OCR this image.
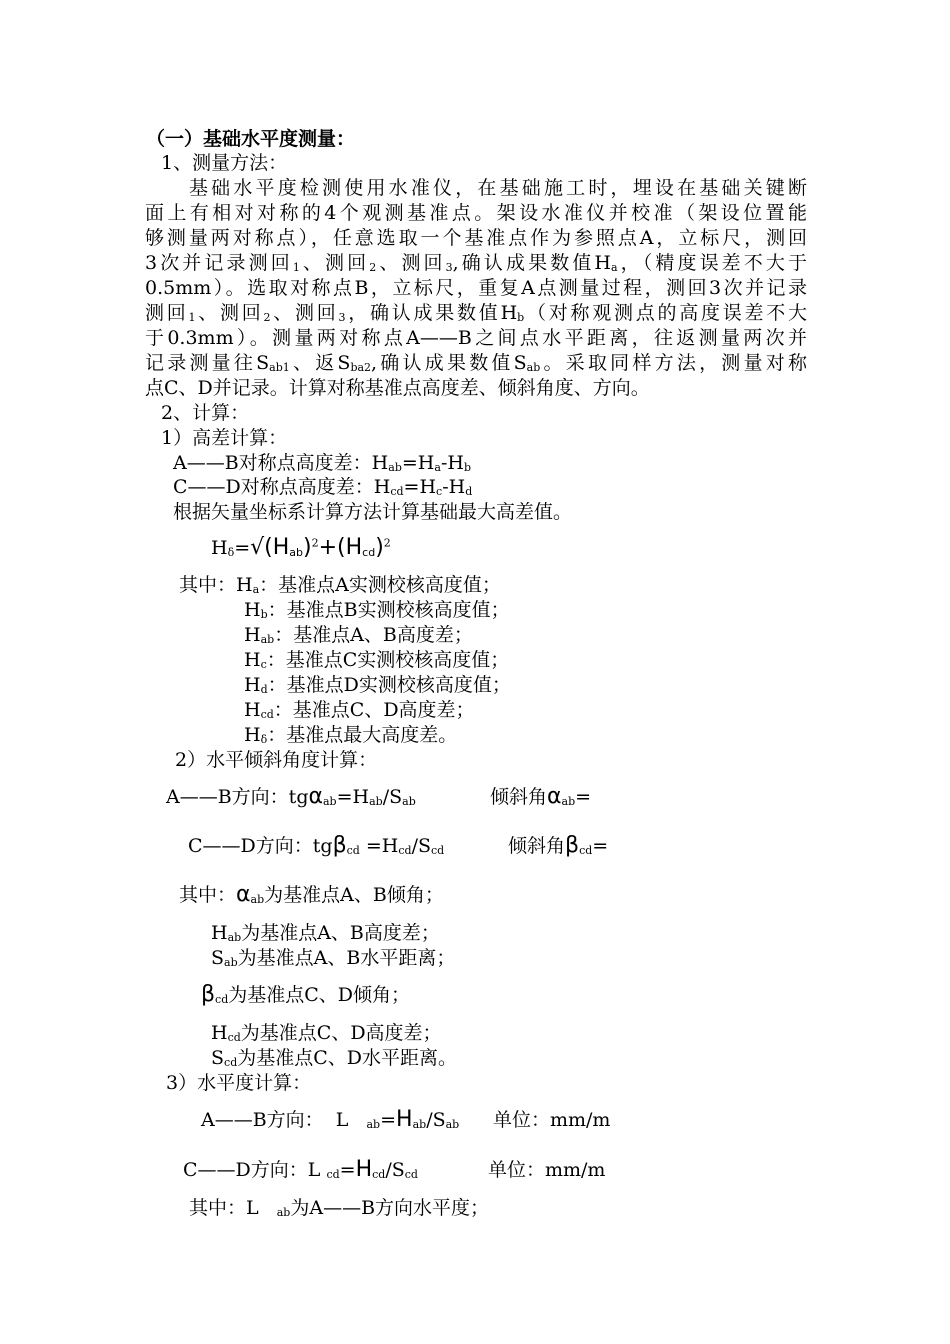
（一）基础水平度测量：
1、测量方法：
基础水平度检测使用水准仪，在基础施工时，埋设在基础关键断
面上有相对对称的4个观测基准点。架设水准仪并校准（架设位置能
够测量两对称点），任意选取一个基准点作为参照点A，立标尺，测回
3次并记录测回$_1$、测回$_2$、测回$_3$,确认成果数值$H_a$，（精度误差不大于
0.5mm）。选取对称点B，立标尺，重复A点测量过程，测回3次并记录
测回$_1$、测回$_2$、测回$_3$，确认成果数值$H_b$（对称观测点的高度误差不大
于0.3mm）。测量两对称点A——B之间点水平距离，往返测量两次并
记录测量往$S_{ab1}$、返$S_{ba2}$,确认成果数值$S_{ab}$。采取同样方法，测量对称
点C、D并记录。计算对称基准点高度差、倾斜角度、方向。
2、计算：
1）高差计算：
A——B对称点高度差：$H_{ab}=H_a-H_b$
C——D对称点高度差：$H_{cd}=H_c-H_d$
根据矢量坐标系计算方法计算基础最大高差值。
$H_\delta=√(H_{ab})^2+(H_{cd})^2$
其中：$H_a$：基准点A实测校核高度值；
$H_b$：基准点B实测校核高度值；
$H_{ab}$：基准点A、B高度差；
$H_c$：基准点C实测校核高度值；
$H_d$：基准点D实测校核高度值；
$H_{cd}$：基准点C、D高度差；
$H_\delta$：基准点最大高度差。
2）水平倾斜角度计算：
A——B方向：$tg\alpha_{ab}=H_{ab}/S_{ab}$	倾斜角$\alpha_{ab}=$
C——D方向：$tg\beta_{cd} =H_{cd}/S_{cd}$	倾斜角$\beta_{cd}=$
其中：$\alpha_{ab}$为基准点A、B倾角；
$H_{ab}$为基准点A、B高度差；
$S_{ab}$为基准点A、B水平距离；
$\beta_{cd}$为基准点C、D倾角；
$H_{cd}$为基准点C、D高度差；
$S_{cd}$为基准点C、D水平距离。
3）水平度计算：
A——B方向：  L   $_{ab}=H_{ab}/S_{ab}$ 单位：mm/m
C——D方向：L $_{cd}=H_{cd}/S_{cd}$	单位：mm/m
其中：L   $_{ab}$为A——B方向水平度；
